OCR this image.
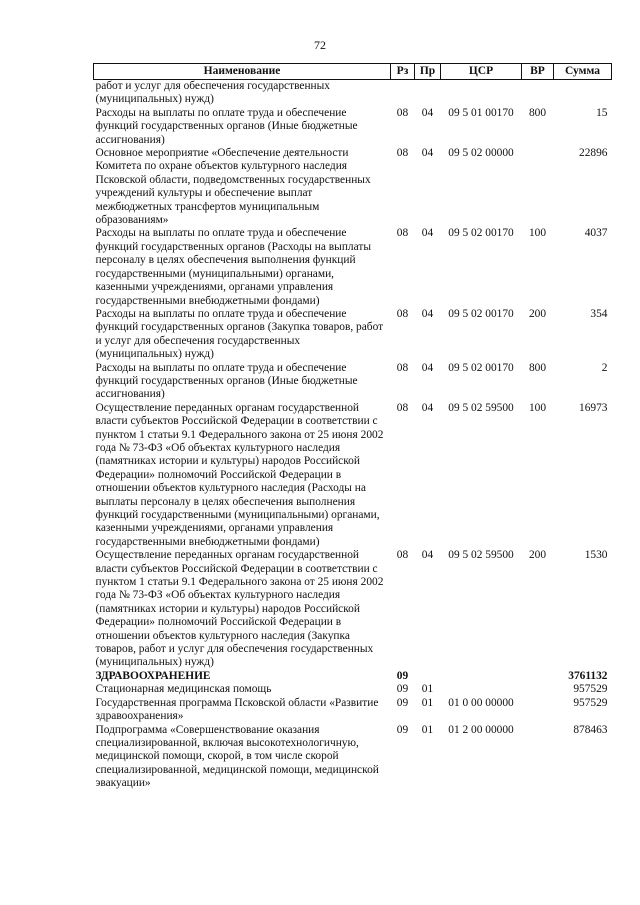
72
Наименование	Рз	Пр	ЦСР	ВР	Сумма
работ и услуг для обеспечения государственных (муниципальных) нужд)					
Расходы на выплаты по оплате труда и обеспечение функций государственных органов (Иные бюджетные ассигнования)	08	04	09 5 01 00170	800	15
Основное мероприятие «Обеспечение деятельности Комитета по охране объектов культурного наследия Псковской области, подведомственных государственных учреждений культуры и обеспечение выплат межбюджетных трансфертов муниципальным образованиям»	08	04	09 5 02 00000		22896
Расходы на выплаты по оплате труда и обеспечение функций государственных органов (Расходы на выплаты персоналу в целях обеспечения выполнения функций государственными (муниципальными) органами, казенными учреждениями, органами управления государственными внебюджетными фондами)	08	04	09 5 02 00170	100	4037
Расходы на выплаты по оплате труда и обеспечение функций государственных органов (Закупка товаров, работ и услуг для обеспечения государственных (муниципальных) нужд)	08	04	09 5 02 00170	200	354
Расходы на выплаты по оплате труда и обеспечение функций государственных органов (Иные бюджетные ассигнования)	08	04	09 5 02 00170	800	2
Осуществление переданных органам государственной власти субъектов Российской Федерации в соответствии с пунктом 1 статьи 9.1 Федерального закона от 25 июня 2002 года № 73-ФЗ «Об объектах культурного наследия (памятниках истории и культуры) народов Российской Федерации» полномочий Российской Федерации в отношении объектов культурного наследия (Расходы на выплаты персоналу в целях обеспечения выполнения функций государственными (муниципальными) органами, казенными учреждениями, органами управления государственными внебюджетными фондами)	08	04	09 5 02 59500	100	16973
Осуществление переданных органам государственной власти субъектов Российской Федерации в соответствии с пунктом 1 статьи 9.1 Федерального закона от 25 июня 2002 года № 73-ФЗ «Об объектах культурного наследия (памятниках истории и культуры) народов Российской Федерации» полномочий Российской Федерации в отношении объектов культурного наследия (Закупка товаров, работ и услуг для обеспечения государственных (муниципальных) нужд)	08	04	09 5 02 59500	200	1530
ЗДРАВООХРАНЕНИЕ	09				3761132
Стационарная медицинская помощь	09	01			957529
Государственная программа Псковской области «Развитие здравоохранения»	09	01	01 0 00 00000		957529
Подпрограмма «Совершенствование оказания специализированной, включая высокотехнологичную, медицинской помощи, скорой, в том числе скорой специализированной, медицинской помощи, медицинской эвакуации»	09	01	01 2 00 00000		878463
